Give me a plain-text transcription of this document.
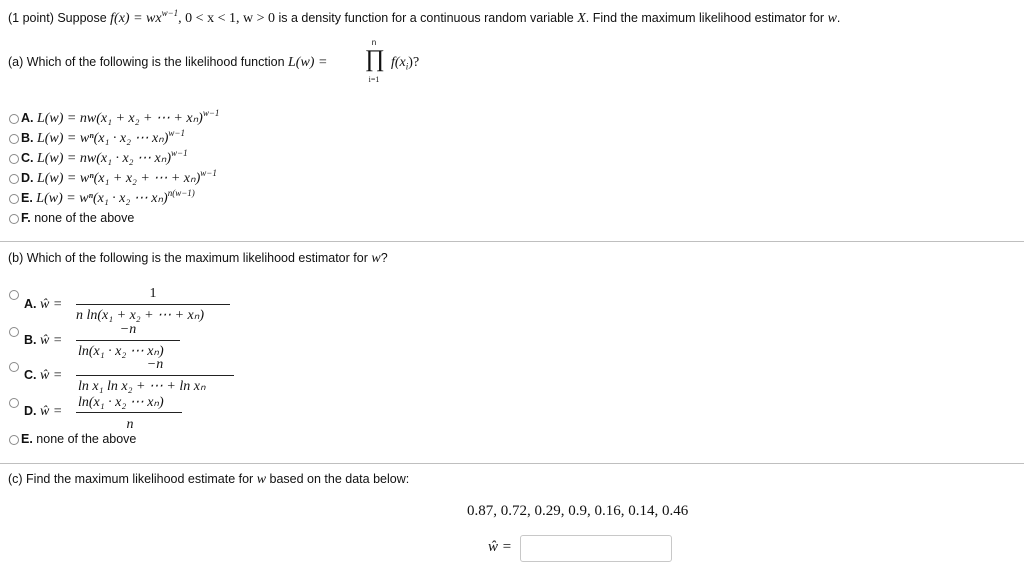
(1 point) Suppose $f(x) = wx^{w-1}$, 0 < x < 1, w > 0 is a density function for a continuous random variable X. Find the maximum likelihood estimator for w.
(a) Which of the following is the likelihood function L(w) =
n
∏
i=1
$f(x_i)$?
A. L(w) = nw(x₁ + x₂ + ⋯ + xₙ)$^{w-1}$
B. L(w) = wⁿ(x₁ · x₂ ⋯ xₙ)$^{w-1}$
C. L(w) = nw(x₁ · x₂ ⋯ xₙ)$^{w-1}$
D. L(w) = wⁿ(x₁ + x₂ + ⋯ + xₙ)$^{w-1}$
E. L(w) = wⁿ(x₁ · x₂ ⋯ xₙ)$^{n(w-1)}$
F. none of the above
(b) Which of the following is the maximum likelihood estimator for w?
A. ŵ =
1
n ln(x₁ + x₂ + ⋯ + xₙ)
B. ŵ =
−n
ln(x₁ · x₂ ⋯ xₙ)
C. ŵ =
−n
ln x₁ ln x₂ + ⋯ + ln xₙ
D. ŵ =
ln(x₁ · x₂ ⋯ xₙ)
n
E. none of the above
(c) Find the maximum likelihood estimate for w based on the data below:
0.87, 0.72, 0.29, 0.9, 0.16, 0.14, 0.46
ŵ =
